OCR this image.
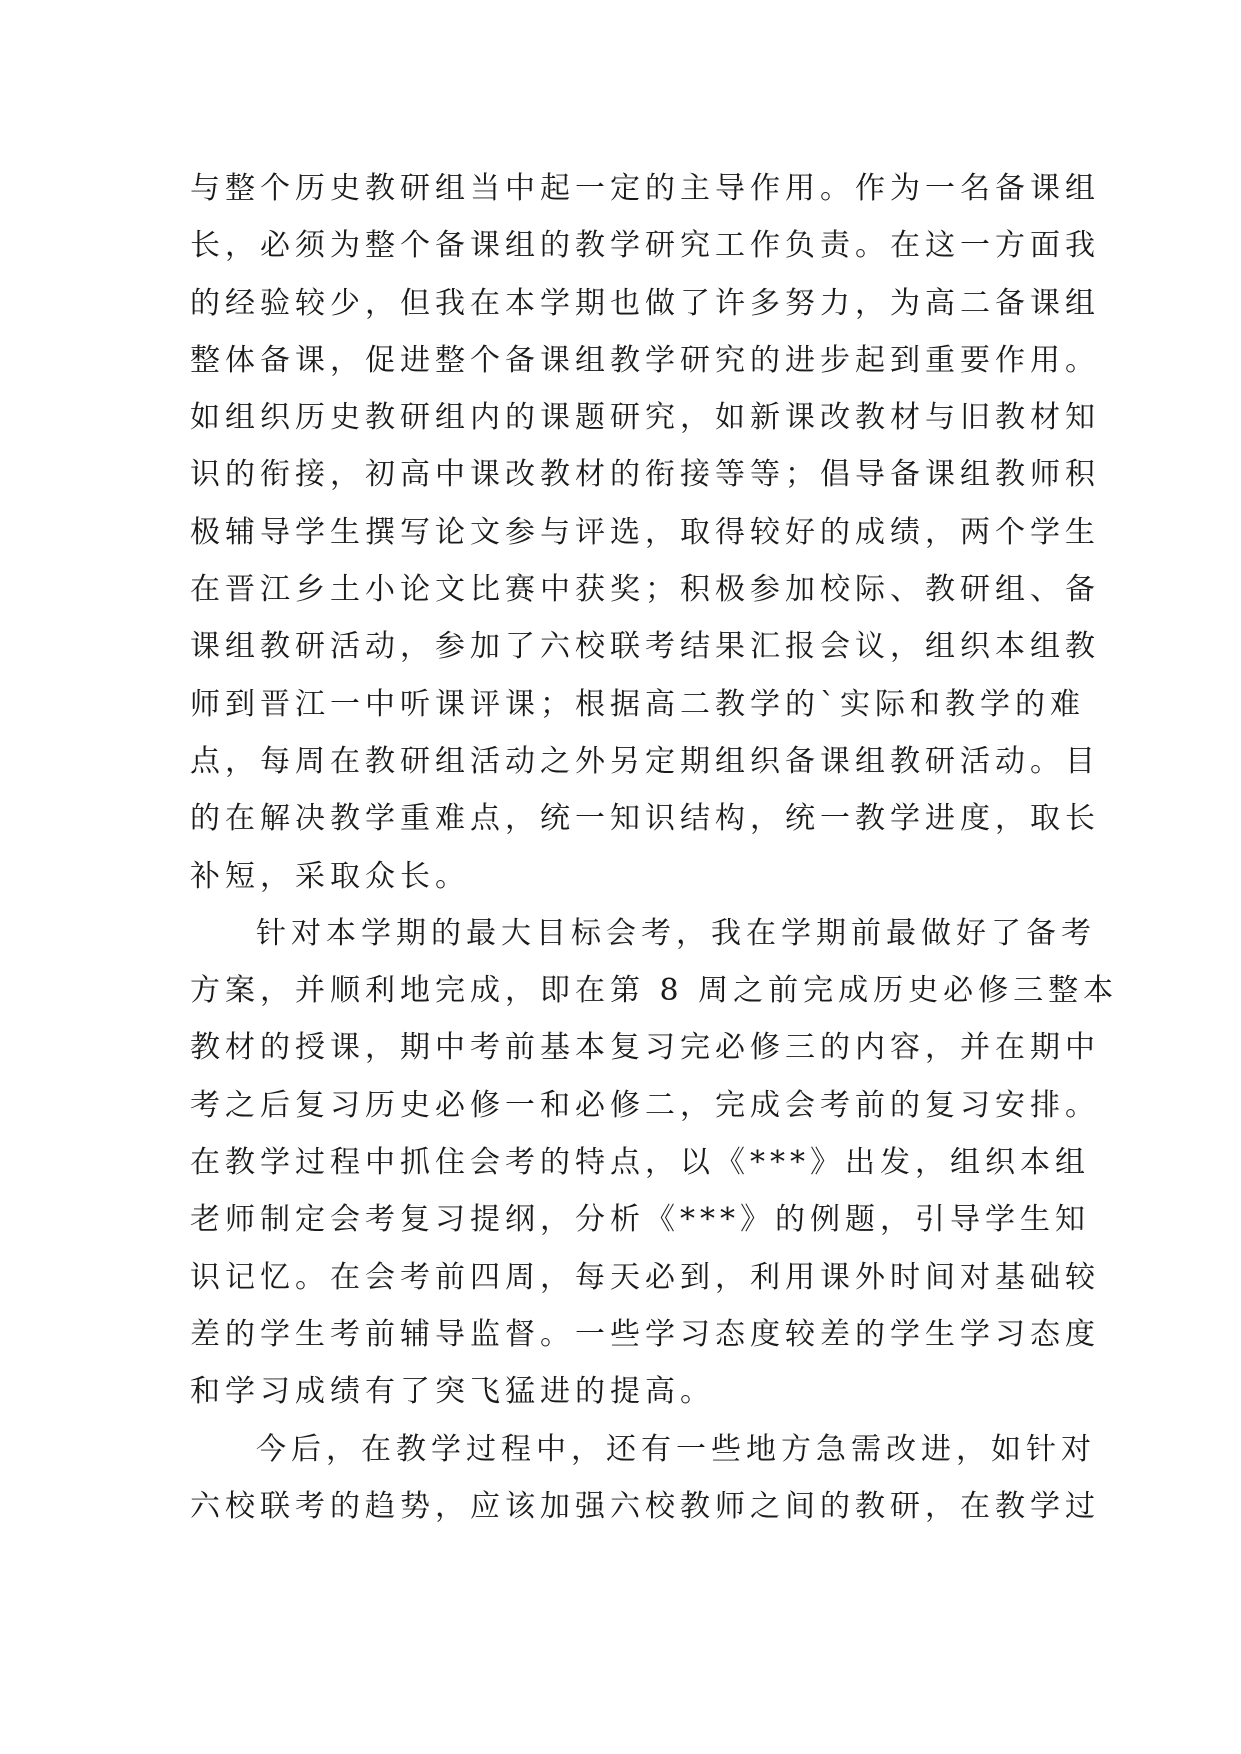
与整个历史教研组当中起一定的主导作用。作为一名备课组
长，必须为整个备课组的教学研究工作负责。在这一方面我
的经验较少，但我在本学期也做了许多努力，为高二备课组
整体备课，促进整个备课组教学研究的进步起到重要作用。
如组织历史教研组内的课题研究，如新课改教材与旧教材知
识的衔接，初高中课改教材的衔接等等；倡导备课组教师积
极辅导学生撰写论文参与评选，取得较好的成绩，两个学生
在晋江乡土小论文比赛中获奖；积极参加校际、教研组、备
课组教研活动，参加了六校联考结果汇报会议，组织本组教
师到晋江一中听课评课；根据高二教学的`实际和教学的难
点，每周在教研组活动之外另定期组织备课组教研活动。目
的在解决教学重难点，统一知识结构，统一教学进度，取长
补短，采取众长。
针对本学期的最大目标会考，我在学期前最做好了备考
方案，并顺利地完成，即在第 8 周之前完成历史必修三整本
教材的授课，期中考前基本复习完必修三的内容，并在期中
考之后复习历史必修一和必修二，完成会考前的复习安排。
在教学过程中抓住会考的特点，以《***》出发，组织本组
老师制定会考复习提纲，分析《***》的例题，引导学生知
识记忆。在会考前四周，每天必到，利用课外时间对基础较
差的学生考前辅导监督。一些学习态度较差的学生学习态度
和学习成绩有了突飞猛进的提高。
今后，在教学过程中，还有一些地方急需改进，如针对
六校联考的趋势，应该加强六校教师之间的教研，在教学过
